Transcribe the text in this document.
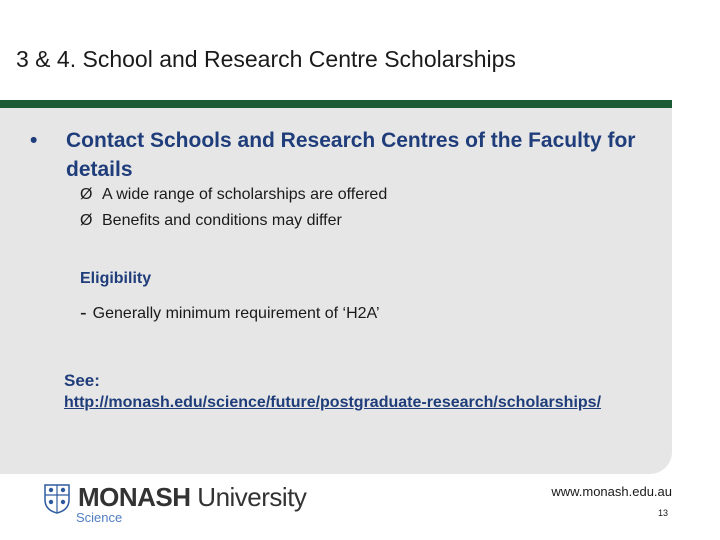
3 & 4. School and Research Centre Scholarships
• Contact Schools and Research Centres of the Faculty for details
Ø A wide range of scholarships are offered
Ø Benefits and conditions may differ
Eligibility
- Generally minimum requirement of ‘H2A’
See:
http://monash.edu/science/future/postgraduate-research/scholarships/
MONASH University
Science
www.monash.edu.au
13
